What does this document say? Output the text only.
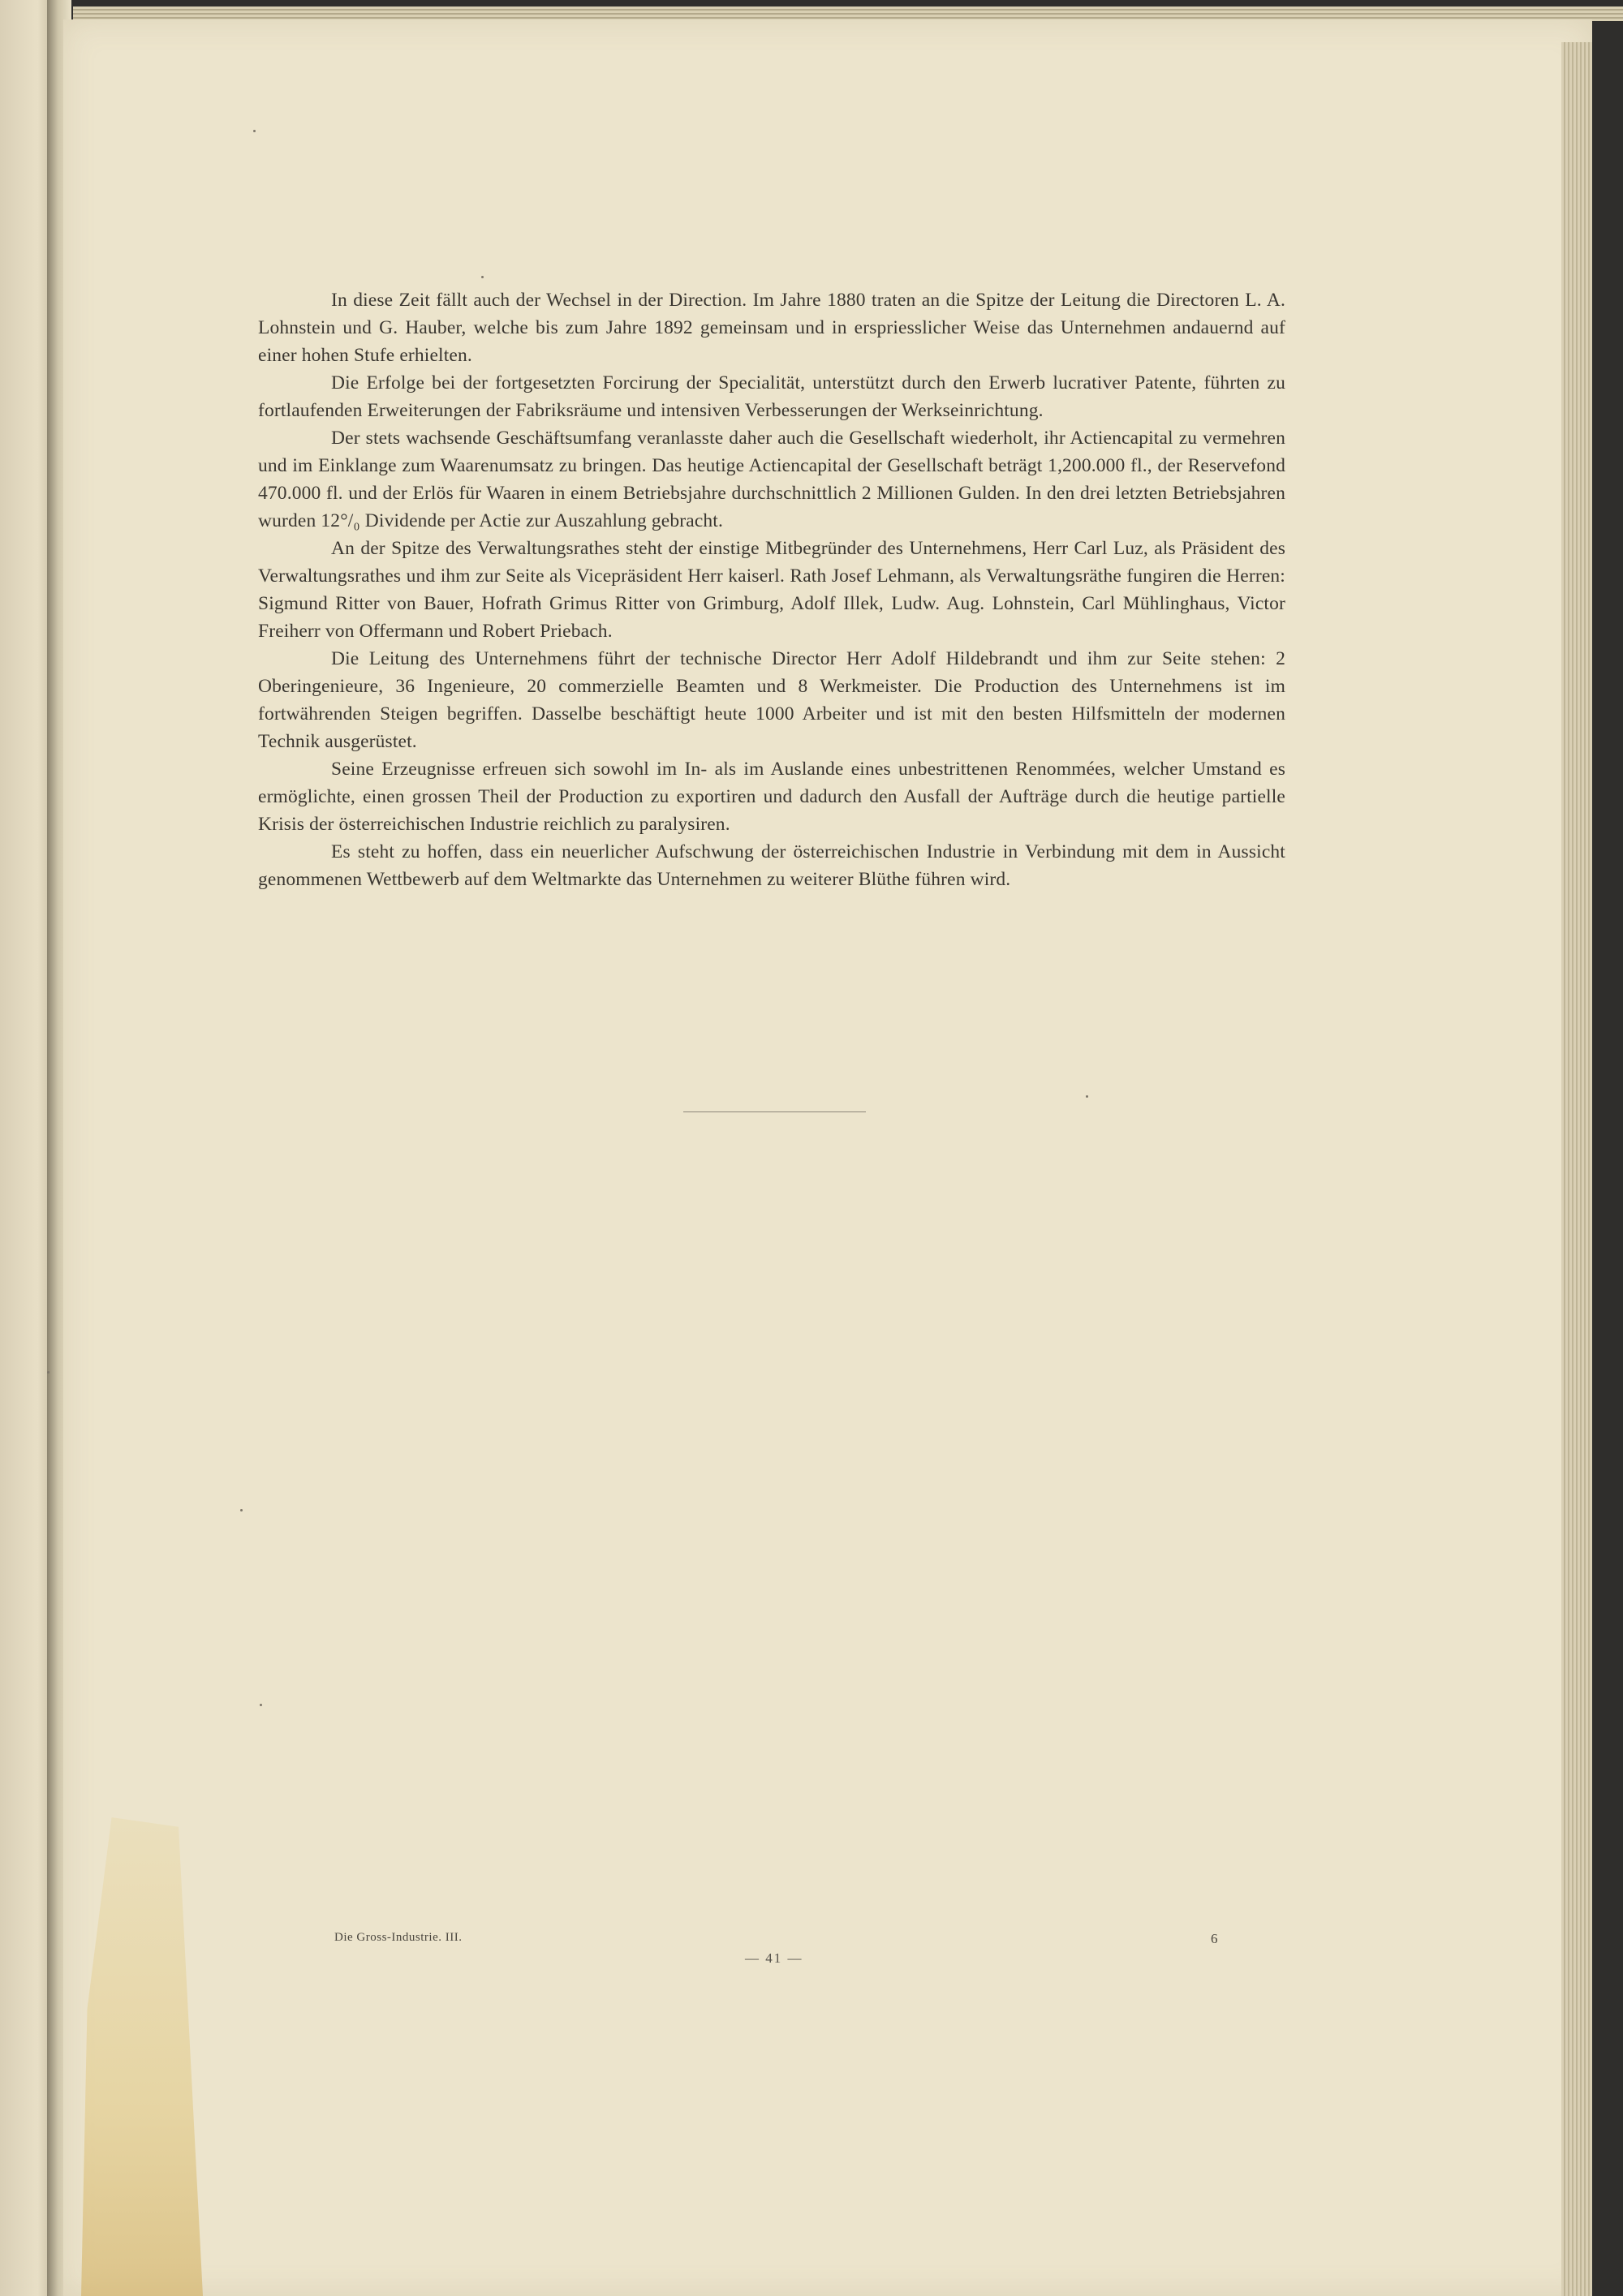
In diese Zeit fällt auch der Wechsel in der Direction. Im Jahre 1880 traten an die Spitze der Leitung die Directoren L. A. Lohnstein und G. Hauber, welche bis zum Jahre 1892 gemeinsam und in erspriesslicher Weise das Unternehmen andauernd auf einer hohen Stufe erhielten.

Die Erfolge bei der fortgesetzten Forcirung der Specialität, unterstützt durch den Erwerb lucrativer Patente, führten zu fortlaufenden Erweiterungen der Fabriksräume und intensiven Verbesserungen der Werkseinrichtung.

Der stets wachsende Geschäftsumfang veranlasste daher auch die Gesellschaft wiederholt, ihr Actiencapital zu vermehren und im Einklange zum Waarenumsatz zu bringen. Das heutige Actiencapital der Gesellschaft beträgt 1,200.000 fl., der Reservefond 470.000 fl. und der Erlös für Waaren in einem Betriebsjahre durchschnittlich 2 Millionen Gulden. In den drei letzten Betriebsjahren wurden 12°/₀ Dividende per Actie zur Auszahlung gebracht.

An der Spitze des Verwaltungsrathes steht der einstige Mitbegründer des Unternehmens, Herr Carl Luz, als Präsident des Verwaltungsrathes und ihm zur Seite als Vicepräsident Herr kaiserl. Rath Josef Lehmann, als Verwaltungsräthe fungiren die Herren: Sigmund Ritter von Bauer, Hofrath Grimus Ritter von Grimburg, Adolf Illek, Ludw. Aug. Lohnstein, Carl Mühlinghaus, Victor Freiherr von Offermann und Robert Priebach.

Die Leitung des Unternehmens führt der technische Director Herr Adolf Hildebrandt und ihm zur Seite stehen: 2 Oberingenieure, 36 Ingenieure, 20 commerzielle Beamten und 8 Werkmeister. Die Production des Unternehmens ist im fortwährenden Steigen begriffen. Dasselbe beschäftigt heute 1000 Arbeiter und ist mit den besten Hilfsmitteln der modernen Technik ausgerüstet.

Seine Erzeugnisse erfreuen sich sowohl im In- als im Auslande eines unbestrittenen Renommées, welcher Umstand es ermöglichte, einen grossen Theil der Production zu exportiren und dadurch den Ausfall der Aufträge durch die heutige partielle Krisis der österreichischen Industrie reichlich zu paralysiren.

Es steht zu hoffen, dass ein neuerlicher Aufschwung der österreichischen Industrie in Verbindung mit dem in Aussicht genommenen Wettbewerb auf dem Weltmarkte das Unternehmen zu weiterer Blüthe führen wird.

Die Gross-Industrie. III.
— 41 —
6
